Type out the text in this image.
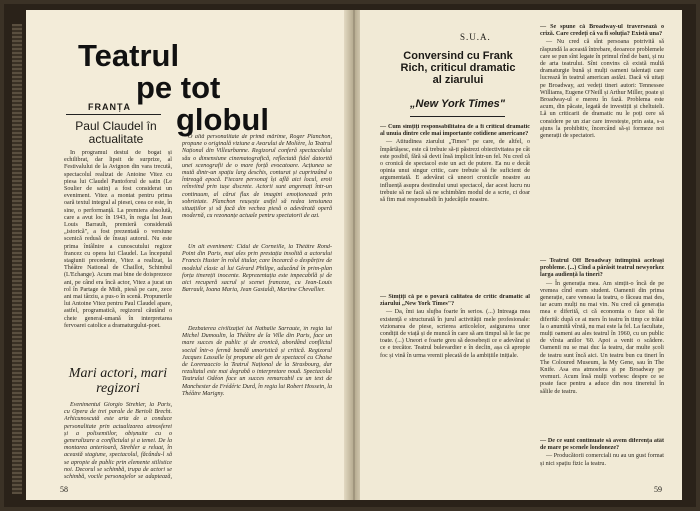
Teatrul
pe tot
globul
FRANȚA
Paul Claudel în actualitate

In programul destul de bogat și echilibrat, dar lipsit de surprize, al Festivalului de la Avignon din vara trecută, spectacolul realizat de Antoine Vitez cu piesa lui Claudel Pantoforul de satin (Le Soulier de satin) a fost considerat un eveniment. Vitez a montat pentru prima oară textul integral al piesei, ceea ce este, în sine, o performanță. La premiera absolută, care a avut loc în 1943, în regia lui Jean Louis Barrault, premieră considerată „istorică", a fost prezentată o versiune scenică redusă de însuși autorul. Nu este prima întâlnire a cunoscutului regizor francez cu opera lui Claudel. La începutul stagiunii precedente, Vitez a realizat, la Théâtre National de Chaillot, Schimbul (L'Echange). Acum mai bine de doisprezece ani, pe când era încă actor, Vitez a jucat un rol în Partage de Midi, piesă pe care, zece ani mai târziu, a pus-o în scenă. Propunerile lui Antoine Vitez pentru Paul Claudel apare, astfel, programatică, regizorul căutând o cheie general-umană în interpretarea fervoarei catolice a dramaturgului-poet.

Mari actori, mari regizori

Evenimentul Giorgio Strehler, la Paris, cu Opera de trei parale de Bertolt Brecht. Arhicunoscută este arta de a conduce personalitate prin actualizarea atmosferei și a polisemiilor, obișnuite cu o generalizare a conflictului și a temei. De la montarea anterioară, Strehler a reluat, în această stagiune, spectacolul, făcându-l să se apropie de public prin elemente stilistice noi. Decorul se schimbă, trupa de actori se schimbă, vocile personajelor se adaptează,

O altă personalitate de primă mărime, Roger Planchon, propune o originală viziune a Avarului de Molière, la Teatrul Național din Villeurbanne. Regizorul conferă spectacolului său o dimensiune cinematografică, reflectată fidel datorită unei scenografii de o mare forță evocatoare. Acțiunea se mută dintr-un spațiu larg deschis, conturat și cuprinzând o întreagă epocă. Fiecare personaj își află aici locul, eroii reînviind prin tușe discrete. Actorii sunt angrenați într-un continuum, al cărui flux de imagini emoționează prin sobrietate. Planchon reușește astfel să redea tensiunea situațiilor și să facă din vechea piesă o adevărată operă modernă, cu rezonanțe actuale pentru spectatorii de azi.

Un alt eveniment: Cidul de Corneille, la Théâtre Rond-Point din Paris, mai ales prin prestația insolită a actorului Francis Huster în rolul titular, care încearcă o despărțire de modelul clasic al lui Gérard Philipe, aducând în prim-plan forța tinereții inocente. Reprezentația este impecabilă și de aici recuperă sacrul și scenei franceze, cu Jean-Louis Barrault, Ioana Maria, Jean Gastaldi, Martine Chevallier.

Dezbaterea civilizației lui Nathalie Sarraute, în regia lui Michel Dumoulin, la Théâtre de la Ville din Paris, face un mare succes de public și de cronică, abordând conflictul social într-o fermă bandă umoristică și critică. Regizorul Jacques Lassalle își propune alt gen de spectacol cu Chaise de Lorenzaccio la Teatrul Național de la Strasbourg, dar rezultatul este mai degrabă o interpretare nouă. Spectacolul Teatrului Odéon face un succes remarcabil cu un text de Manchester de Frédéric Durd, în regia lui Robert Hossein, la Théâtre Marigny.

58
S.U.A.
Conversind cu Frank Rich, criticul dramatic al ziarului
„New York Times"

— Cum simțiți responsabilitatea de a fi criticul dramatic al unuia dintre cele mai importante cotidiene americane?

— Atitudinea ziarului „Times" pe care, de altfel, o împărtășesc, este că trebuie să-ți păstrezi obiectivitatea pe cât este posibil, fără să devii însă implicit într-un fel. Nu cred că o cronică de spectacol este un act de putere. Ea nu e decât opinia unui singur critic, care trebuie să fie suficient de argumentată. E adevărat că uneori cronicile noastre au influență asupra destinului unui spectacol, dar acest lucru nu trebuie să ne facă să ne schimbăm modul de a scrie, ci doar să fim mai responsabili în judecățile noastre.

— Simțiți că pe o povară calitatea de critic dramatic al ziarului „New York Times"?

— Da, îmi iau slujba foarte în serios. (...) Intreaga mea existență e structurată în jurul activității mele profesionale: vizionarea de piese, scrierea articolelor, asigurarea unor condiții de viață și de muncă în care să am timpul să le fac pe toate. (...) Uneori e foarte greu să deosebești ce e adevărat și ce e trecător. Teatrul bulevardier e în declin, așa că apropie foc și vină în urma vremii plecată de la ambițiile inițiale.

— Se spune că Broadway-ul traversează o criză. Care credeți că va fi soluția? Există una?

— Nu cred că sînt persoana potrivită să răspundă la această întrebare, deoarece problemele care se pun sînt legate în primul rînd de bani, și nu de arta teatrului. Sînt convins că există multă dramaturgie bună și mulți oameni talentați care lucrează în teatrul american astăzi. Dacă vă uitați pe Broadway, azi vedeți tineri autori: Tennessee Williams, Eugene O'Neill și Arthur Miller, poate și Broadway-ul e mereu în fază. Problema este acum, din păcate, legată de investiții și cheltuieli. Lă un criticarii de dramatic nu le poți cere să considere pe un ziar care investește, prin asta, s-a ajuns la prohibitiv, încercând să-și formeze noi generații de spectatori.

— Teatrul Off Broadway întimpină aceleași probleme. (...) Cînd a părăsit teatrul newyorkez larga audiență la tineri?

— În generația mea. Am simțit-o încă de pe vremea cînd eram student. Oamenii din prima generație, care veneau la teatru, o făceau mai des, iar acum mulți nu mai vin. Nu cred că generația mea e diferită, ci că economia o face să fie diferită: după ce ai mers în teatru în timp ce trăiai la o anumită vîrstă, nu mai este la fel. La facultate, mulți oameni au ales teatrul în 1960, cu un public de vîrsta anilor '60. Apoi a venit o scădere. Oamenii nu se mai duc la teatru, dar multe școli de teatru sunt încă aici. Un teatru bun cu tineri în The Coloured Museum, la My Gene, sau în The Knife. Asa era atmosfera și pe Broadway pe vremuri. Acum însă mulți vorbesc despre ce se poate face pentru a aduce din nou tineretul în sălile de teatru.

— De ce sunt continuate să avem diferența atât de mare pe scenele londoneze?

— Producătorii comerciali nu au un gust format și nici spațiu fizic la teatru.

59
